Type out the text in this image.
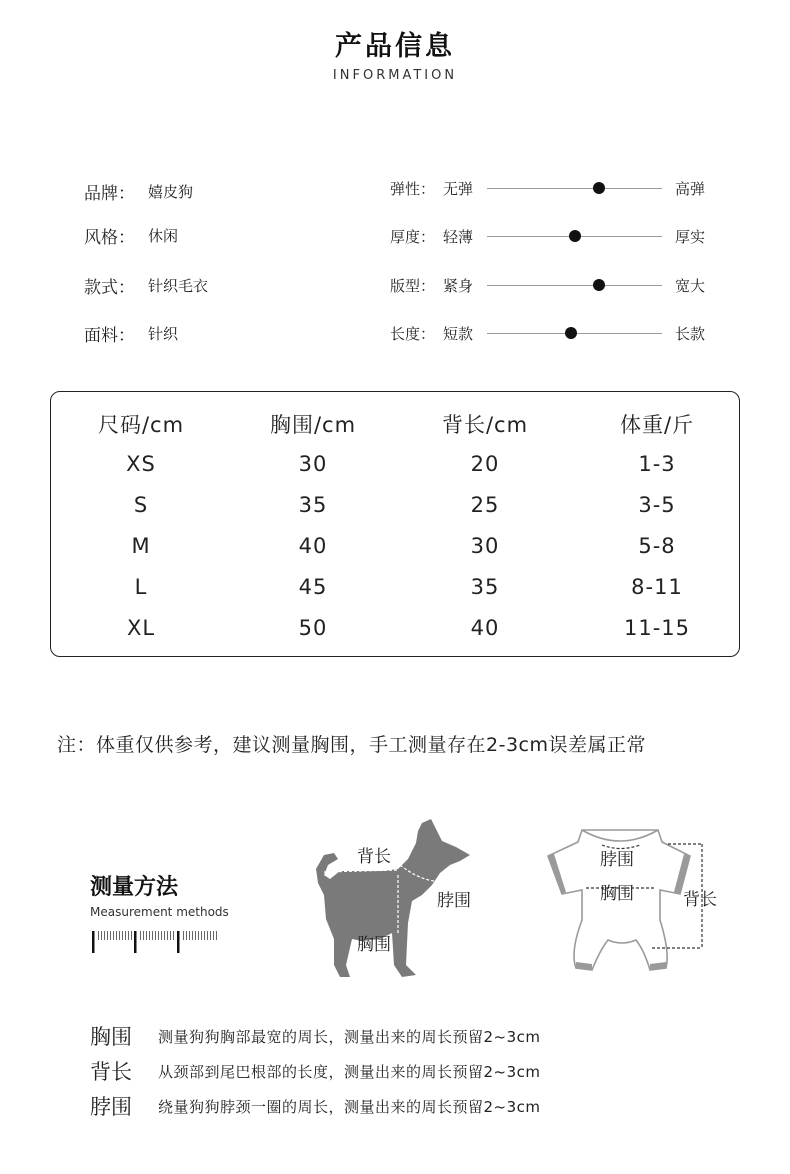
产品信息
INFORMATION
品牌： 嬉皮狗
风格： 休闲
款式： 针织毛衣
面料： 针织
弹性： 无弹	高弹
厚度： 轻薄	厚实
版型： 紧身	宽大
长度： 短款	长款
尺码/cm	胸围/cm	背长/cm	体重/斤
XS	30	20	1-3
S	35	25	3-5
M	40	30	5-8
L	45	35	8-11
XL	50	40	11-15
注：体重仅供参考，建议测量胸围，手工测量存在2-3cm误差属正常
测量方法
Measurement methods
背长
脖围
胸围
脖围
胸围	背长
胸围 测量狗狗胸部最宽的周长，测量出来的周长预留2~3cm
背长 从颈部到尾巴根部的长度，测量出来的周长预留2~3cm
脖围 绕量狗狗脖颈一圈的周长，测量出来的周长预留2~3cm
